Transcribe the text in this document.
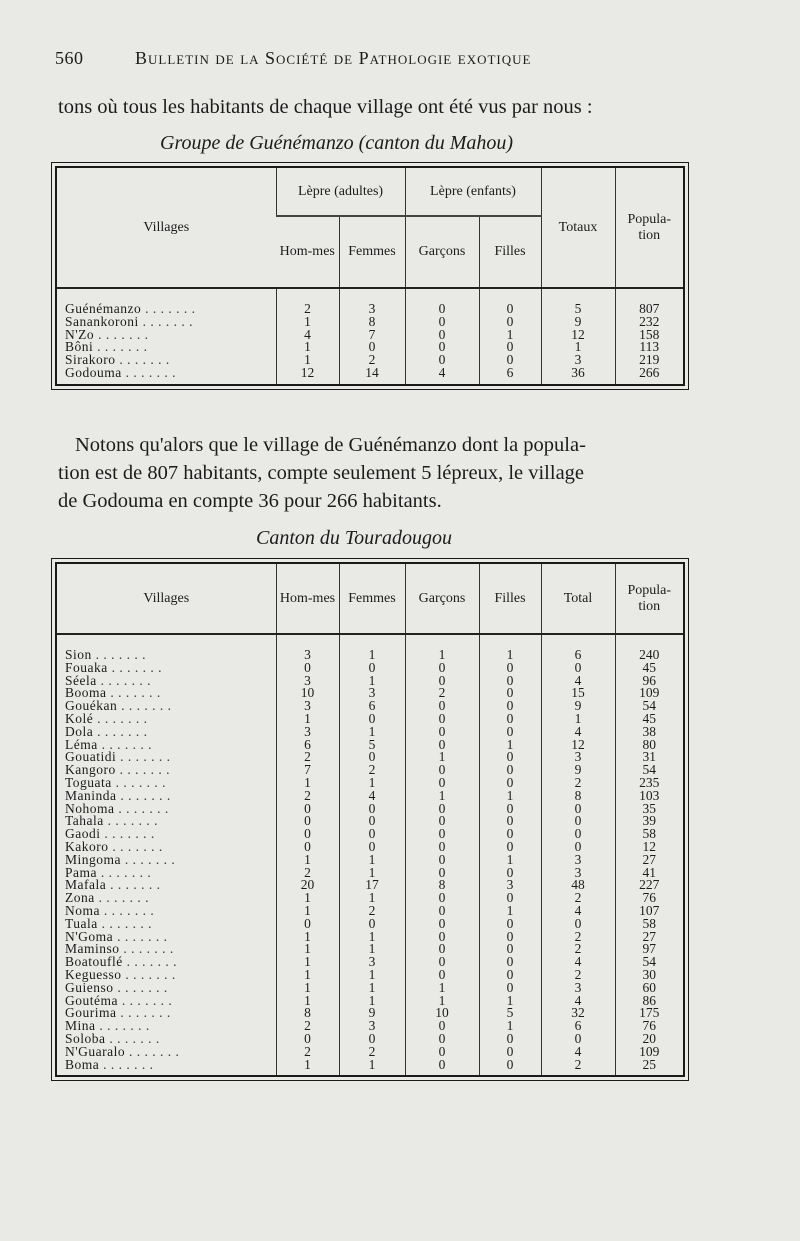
560	Bulletin de la Société de Pathologie exotique
tons où tous les habitants de chaque village ont été vus par nous :
Groupe de Guénémanzo (canton du Mahou)
Villages	Lèpre (adultes)		Lèpre (enfants)		Totaux	Popula-tion
	Hom-mes	Femmes	Garçons	Filles		

Guénémanzo . . . . . . .	2	3	0	0	5	807
Sanankoroni . . . . . . .	1	8	0	0	9	232
N'Zo . . . . . . .	4	7	0	1	12	158
Bôni . . . . . . .	1	0	0	0	1	113
Sirakoro . . . . . . .	1	2	0	0	3	219
Godouma . . . . . . .	12	14	4	6	36	266
Notons qu'alors que le village de Guénémanzo dont la popula-
tion est de 807 habitants, compte seulement 5 lépreux, le village
de Godouma en compte 36 pour 266 habitants.
Canton du Touradougou
Villages	Hom-mes	Femmes	Garçons	Filles	Total	Popula-tion

Sion . . . . . . .	3	1	1	1	6	240
Fouaka . . . . . . .	0	0	0	0	0	45
Séela . . . . . . .	3	1	0	0	4	96
Booma . . . . . . .	10	3	2	0	15	109
Gouékan . . . . . . .	3	6	0	0	9	54
Kolé . . . . . . .	1	0	0	0	1	45
Dola . . . . . . .	3	1	0	0	4	38
Léma . . . . . . .	6	5	0	1	12	80
Gouatidi . . . . . . .	2	0	1	0	3	31
Kangoro . . . . . . .	7	2	0	0	9	54
Toguata . . . . . . .	1	1	0	0	2	235
Maninda . . . . . . .	2	4	1	1	8	103
Nohoma . . . . . . .	0	0	0	0	0	35
Tahala . . . . . . .	0	0	0	0	0	39
Gaodi . . . . . . .	0	0	0	0	0	58
Kakoro . . . . . . .	0	0	0	0	0	12
Mingoma . . . . . . .	1	1	0	1	3	27
Pama . . . . . . .	2	1	0	0	3	41
Mafala . . . . . . .	20	17	8	3	48	227
Zona . . . . . . .	1	1	0	0	2	76
Noma . . . . . . .	1	2	0	1	4	107
Tuala . . . . . . .	0	0	0	0	0	58
N'Goma . . . . . . .	1	1	0	0	2	27
Maminso . . . . . . .	1	1	0	0	2	97
Boatouflé . . . . . . .	1	3	0	0	4	54
Keguesso . . . . . . .	1	1	0	0	2	30
Guienso . . . . . . .	1	1	1	0	3	60
Goutéma . . . . . . .	1	1	1	1	4	86
Gourima . . . . . . .	8	9	10	5	32	175
Mina . . . . . . .	2	3	0	1	6	76
Soloba . . . . . . .	0	0	0	0	0	20
N'Guaralo . . . . . . .	2	2	0	0	4	109
Boma . . . . . . .	1	1	0	0	2	25
